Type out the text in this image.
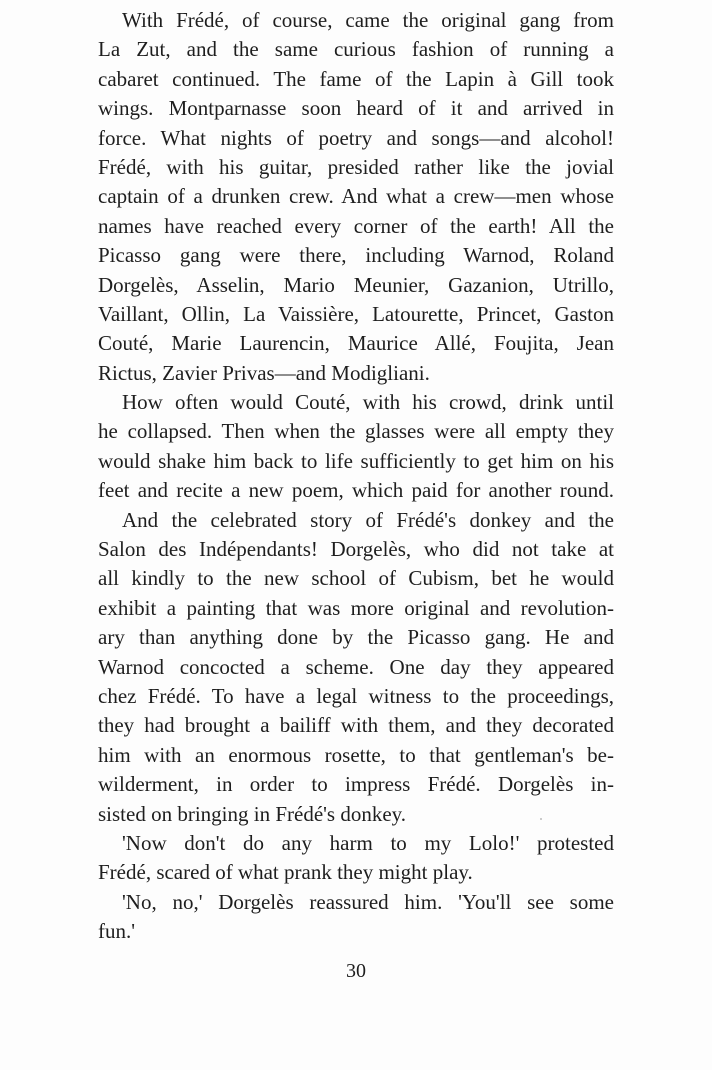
With Frédé, of course, came the original gang from
La Zut, and the same curious fashion of running a
cabaret continued. The fame of the Lapin à Gill took
wings. Montparnasse soon heard of it and arrived in
force. What nights of poetry and songs—and alcohol!
Frédé, with his guitar, presided rather like the jovial
captain of a drunken crew. And what a crew—men whose
names have reached every corner of the earth! All the
Picasso gang were there, including Warnod, Roland
Dorgelès, Asselin, Mario Meunier, Gazanion, Utrillo,
Vaillant, Ollin, La Vaissière, Latourette, Princet, Gaston
Couté, Marie Laurencin, Maurice Allé, Foujita, Jean
Rictus, Zavier Privas—and Modigliani.
How often would Couté, with his crowd, drink until
he collapsed. Then when the glasses were all empty they
would shake him back to life sufficiently to get him on his
feet and recite a new poem, which paid for another round.
And the celebrated story of Frédé's donkey and the
Salon des Indépendants! Dorgelès, who did not take at
all kindly to the new school of Cubism, bet he would
exhibit a painting that was more original and revolution-
ary than anything done by the Picasso gang. He and
Warnod concocted a scheme. One day they appeared
chez Frédé. To have a legal witness to the proceedings,
they had brought a bailiff with them, and they decorated
him with an enormous rosette, to that gentleman's be-
wilderment, in order to impress Frédé. Dorgelès in-
sisted on bringing in Frédé's donkey.
'Now don't do any harm to my Lolo!' protested
Frédé, scared of what prank they might play.
'No, no,' Dorgelès reassured him. 'You'll see some
fun.'
30
